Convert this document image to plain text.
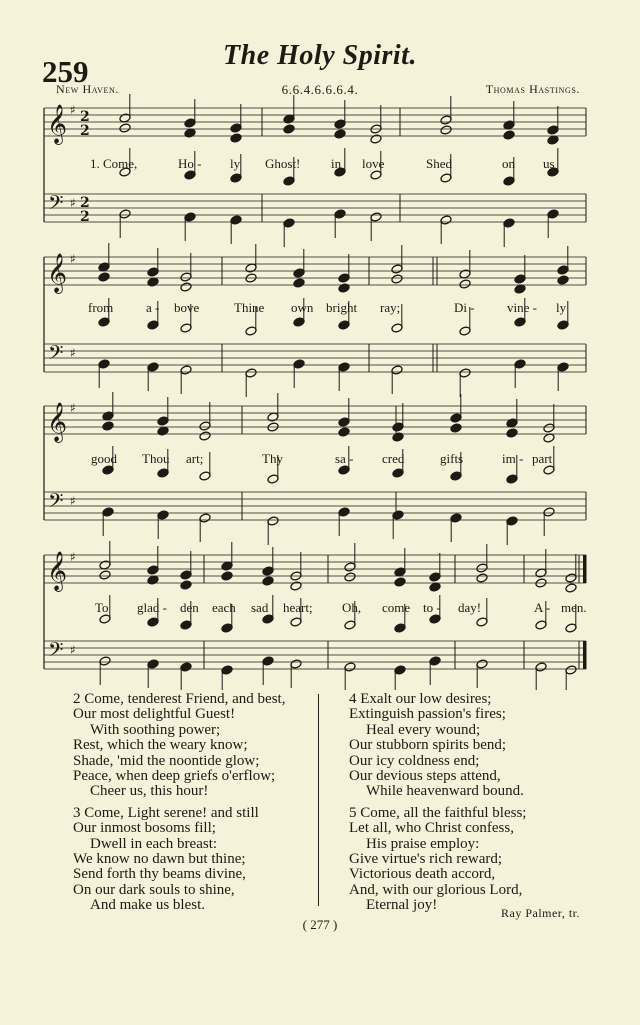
259	The Holy Spirit.
New Haven.	6.6.4.6.6.6.4.	Thomas Hastings.
𝄞
𝄢
♯
♯
2
2
2
2
𝄞
𝄢
♯
♯
𝄞
𝄢
♯
♯
𝄞
𝄢
♯
♯
1. Come,	Ho - ly Ghost! in love	Shed	on us
from	a - bove	Thine own bright ray;	Di - vine - ly
good Thou art;	Thy	sa - cred	gifts	im - part
To glad - den each sad heart; Oh, come to - day!	A - men.
2 Come, tenderest Friend, and best,
Our most delightful Guest!
With soothing power;
Rest, which the weary know;
Shade, 'mid the noontide glow;
Peace, when deep griefs o'erflow;
Cheer us, this hour!
3 Come, Light serene! and still
Our inmost bosoms fill;
Dwell in each breast:
We know no dawn but thine;
Send forth thy beams divine,
On our dark souls to shine,
And make us blest.
4 Exalt our low desires;
Extinguish passion's fires;
Heal every wound;
Our stubborn spirits bend;
Our icy coldness end;
Our devious steps attend,
While heavenward bound.
5 Come, all the faithful bless;
Let all, who Christ confess,
His praise employ:
Give virtue's rich reward;
Victorious death accord,
And, with our glorious Lord,
Eternal joy!	Ray Palmer, tr.
( 277 )
